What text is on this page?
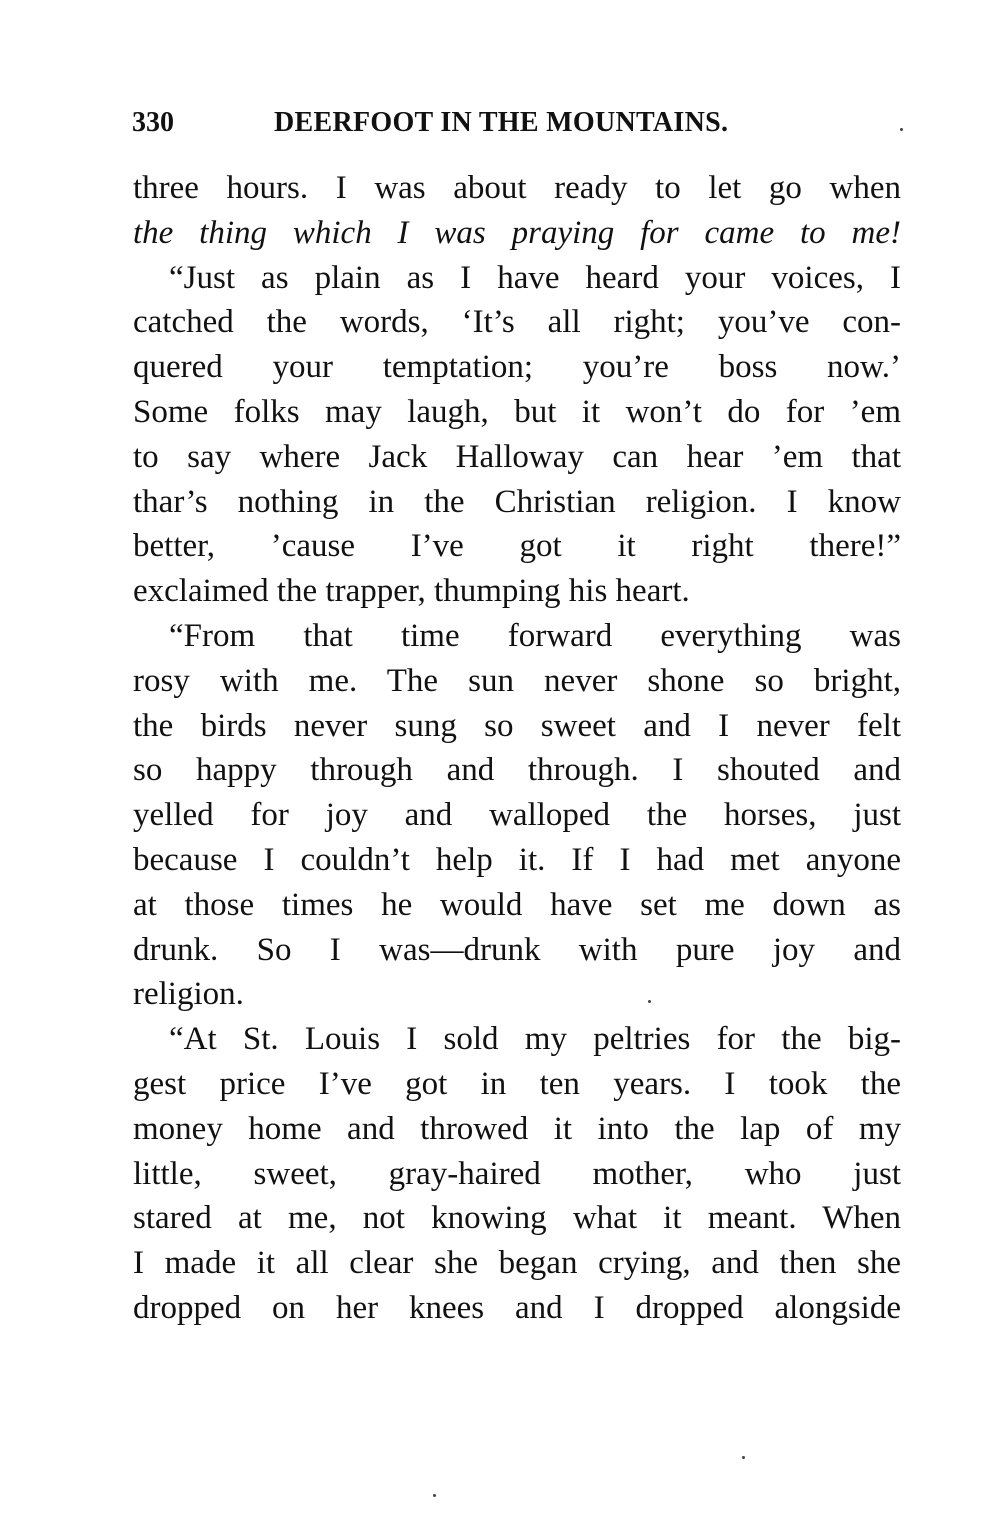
330	DEERFOOT IN THE MOUNTAINS.
three hours. I was about ready to let go when
the thing which I was praying for came to me!
“Just as plain as I have heard your voices, I
catched the words, ‘It’s all right; you’ve con-
quered your temptation; you’re boss now.’
Some folks may laugh, but it won’t do for ’em
to say where Jack Halloway can hear ’em that
thar’s nothing in the Christian religion. I know
better, ’cause I’ve got it right there!”
exclaimed the trapper, thumping his heart.
“From that time forward everything was
rosy with me. The sun never shone so bright,
the birds never sung so sweet and I never felt
so happy through and through. I shouted and
yelled for joy and walloped the horses, just
because I couldn’t help it. If I had met anyone
at those times he would have set me down as
drunk. So I was—drunk with pure joy and
religion.
“At St. Louis I sold my peltries for the big-
gest price I’ve got in ten years. I took the
money home and throwed it into the lap of my
little, sweet, gray-haired mother, who just
stared at me, not knowing what it meant. When
I made it all clear she began crying, and then she
dropped on her knees and I dropped alongside
